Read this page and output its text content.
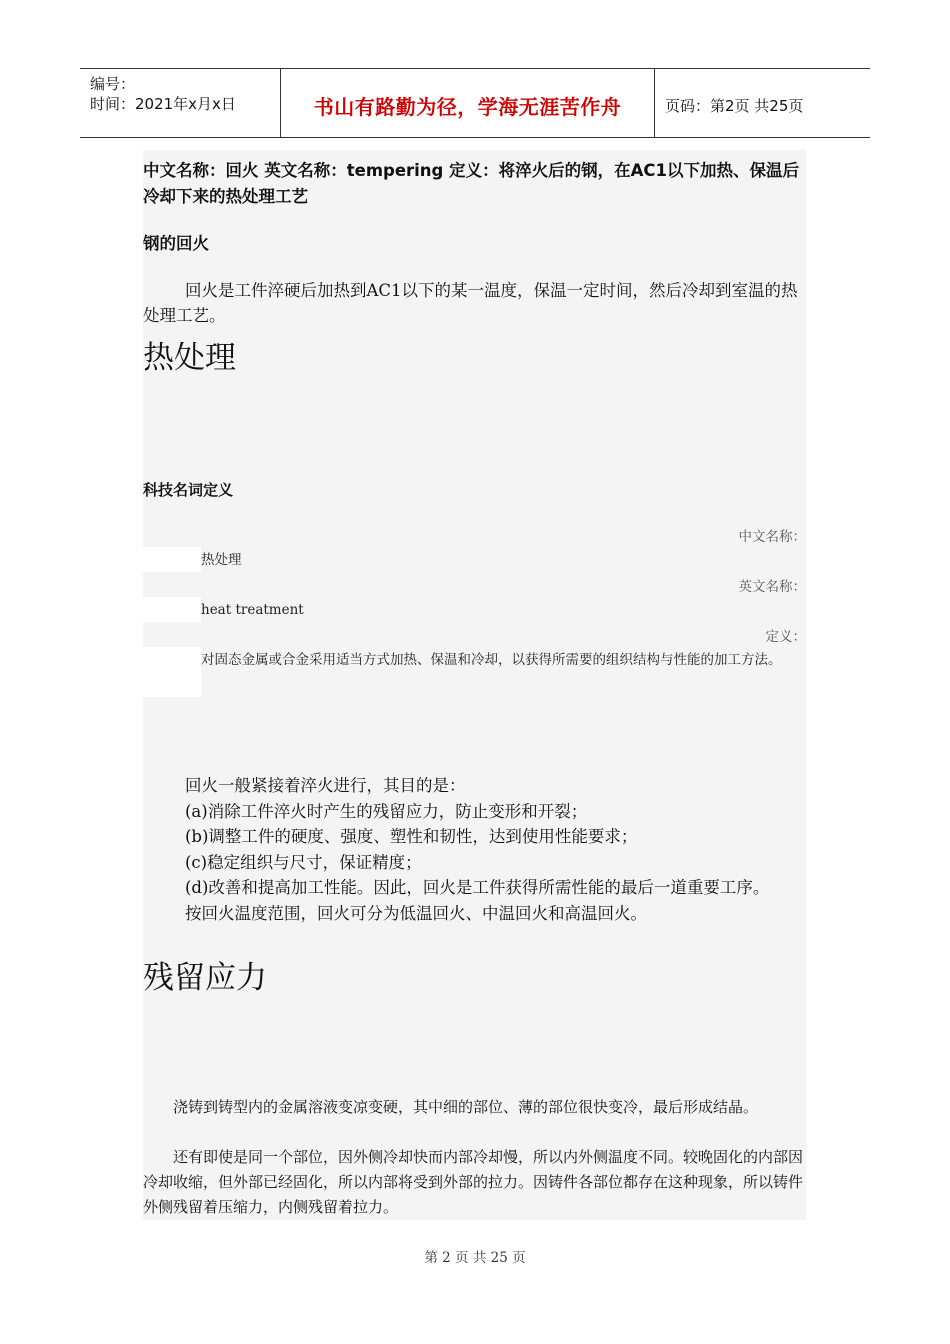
编号：
时间：2021年x月x日	书山有路勤为径，学海无涯苦作舟	页码：第2页 共25页
中文名称：回火 英文名称：tempering 定义：将淬火后的钢，在AC1以下加热、保温后冷却下来的热处理工艺
钢的回火
回火是工件淬硬后加热到AC1以下的某一温度，保温一定时间，然后冷却到室温的热处理工艺。
热处理
科技名词定义
中文名称：
热处理
英文名称：
heat treatment
定义：
对固态金属或合金采用适当方式加热、保温和冷却，以获得所需要的组织结构与性能的加工方法。
回火一般紧接着淬火进行，其目的是：
(a)消除工件淬火时产生的残留应力，防止变形和开裂；
(b)调整工件的硬度、强度、塑性和韧性，达到使用性能要求；
(c)稳定组织与尺寸，保证精度；
(d)改善和提高加工性能。因此，回火是工件获得所需性能的最后一道重要工序。
按回火温度范围，回火可分为低温回火、中温回火和高温回火。
残留应力
浇铸到铸型内的金属溶液变凉变硬，其中细的部位、薄的部位很快变冷，最后形成结晶。
还有即使是同一个部位，因外侧冷却快而内部冷却慢，所以内外侧温度不同。较晚固化的内部因冷却收缩，但外部已经固化，所以内部将受到外部的拉力。因铸件各部位都存在这种现象，所以铸件外侧残留着压缩力，内侧残留着拉力。
第 2 页 共 25 页
